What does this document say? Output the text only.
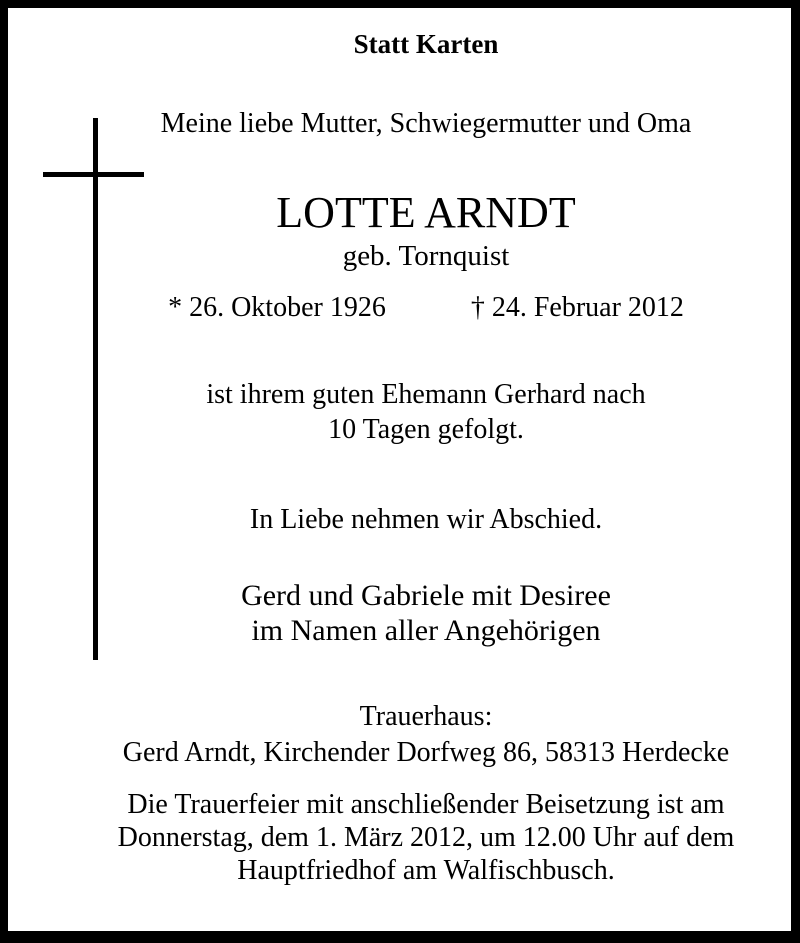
Statt Karten
Meine liebe Mutter, Schwiegermutter und Oma
LOTTE ARNDT
geb. Tornquist
* 26. Oktober 1926	† 24. Februar 2012
ist ihrem guten Ehemann Gerhard nach
10 Tagen gefolgt.
In Liebe nehmen wir Abschied.
Gerd und Gabriele mit Desiree
im Namen aller Angehörigen
Trauerhaus:
Gerd Arndt, Kirchender Dorfweg 86, 58313 Herdecke
Die Trauerfeier mit anschließender Beisetzung ist am
Donnerstag, dem 1. März 2012, um 12.00 Uhr auf dem
Hauptfriedhof am Walfischbusch.
